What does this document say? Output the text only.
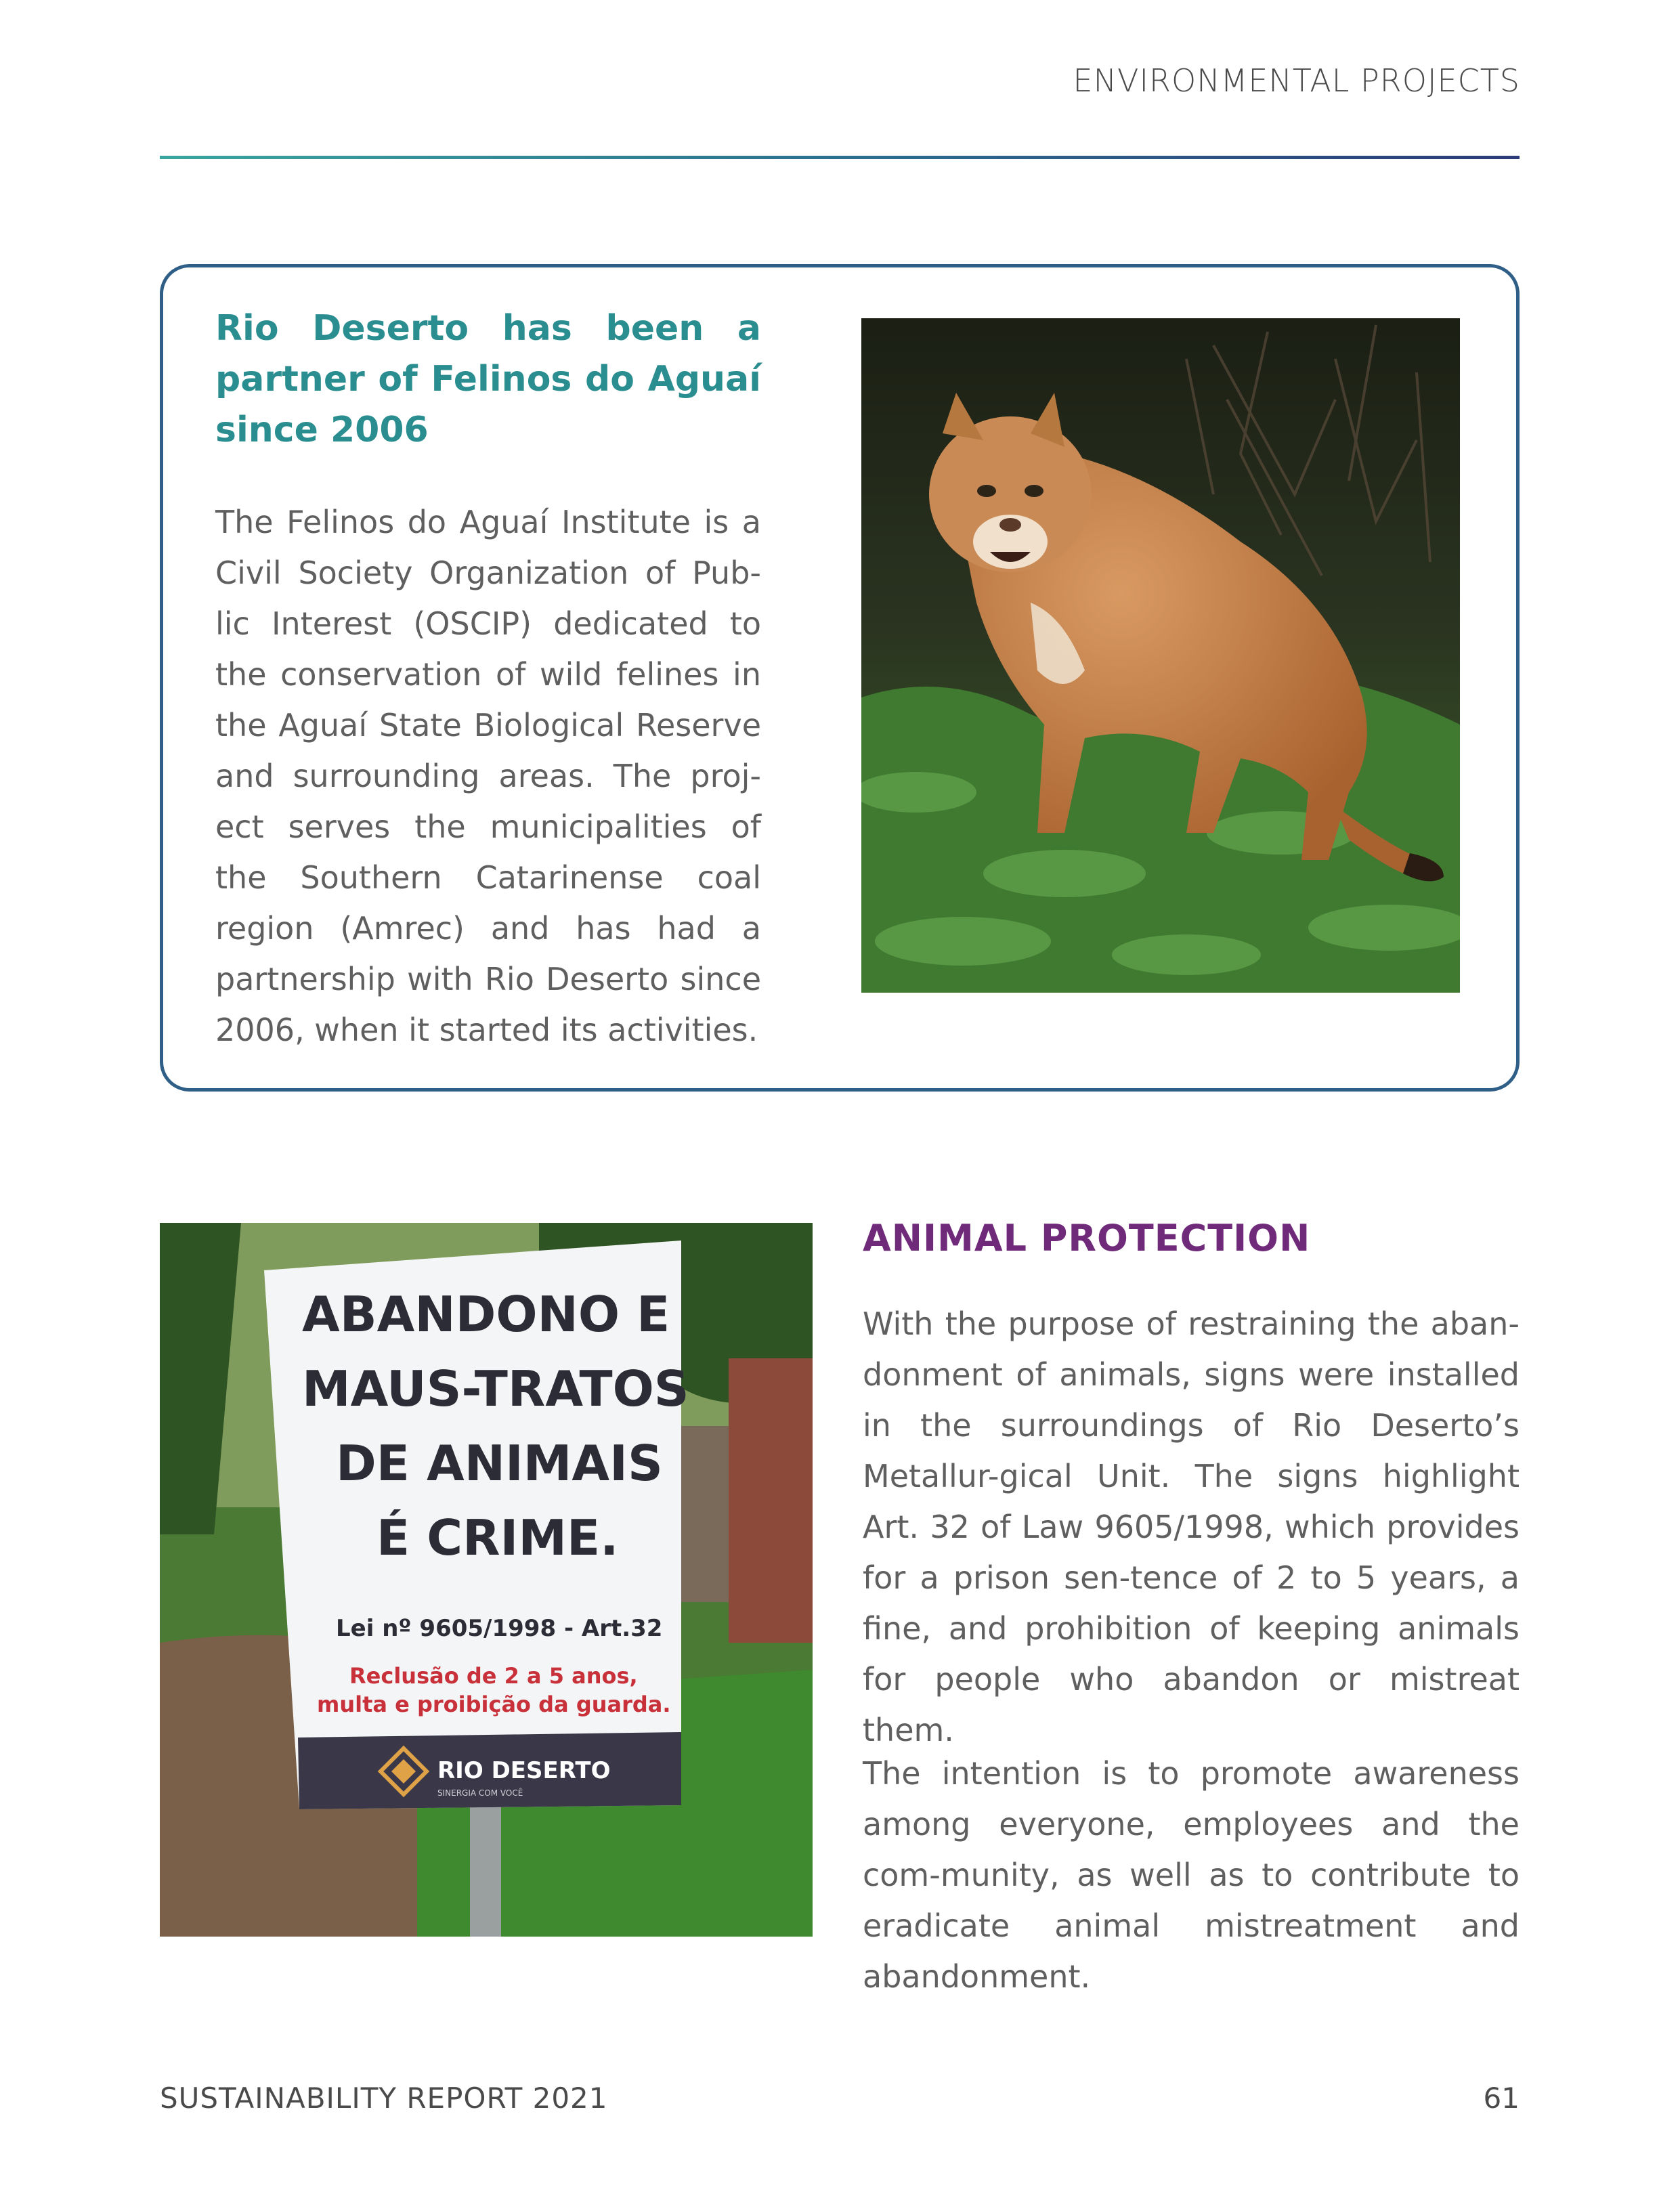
ENVIRONMENTAL PROJECTS
Rio Deserto has been a partner of Felinos do Aguaí since 2006
The Felinos do Aguaí Institute is a Civil Society Organization of Pub-lic Interest (OSCIP) dedicated to the conservation of wild felines in the Aguaí State Biological Reserve and surrounding areas. The proj-ect serves the municipalities of the Southern Catarinense coal region (Amrec) and has had a partnership with Rio Deserto since 2006, when it started its activities.
ABANDONO E
MAUS-TRATOS
DE ANIMAIS
É CRIME.
Lei nº 9605/1998 - Art.32
Reclusão de 2 a 5 anos,
multa e proibição da guarda.
RIO DESERTO
SINERGIA COM VOCÊ
ANIMAL PROTECTION
With the purpose of restraining the aban-donment of animals, signs were installed in the surroundings of Rio Deserto’s Metallur-gical Unit. The signs highlight Art. 32 of Law 9605/1998, which provides for a prison sen-tence of 2 to 5 years, a fine, and prohibition of keeping animals for people who abandon or mistreat them.
The intention is to promote awareness among everyone, employees and the com-munity, as well as to contribute to eradicate animal mistreatment and abandonment.
SUSTAINABILITY REPORT 2021	61
